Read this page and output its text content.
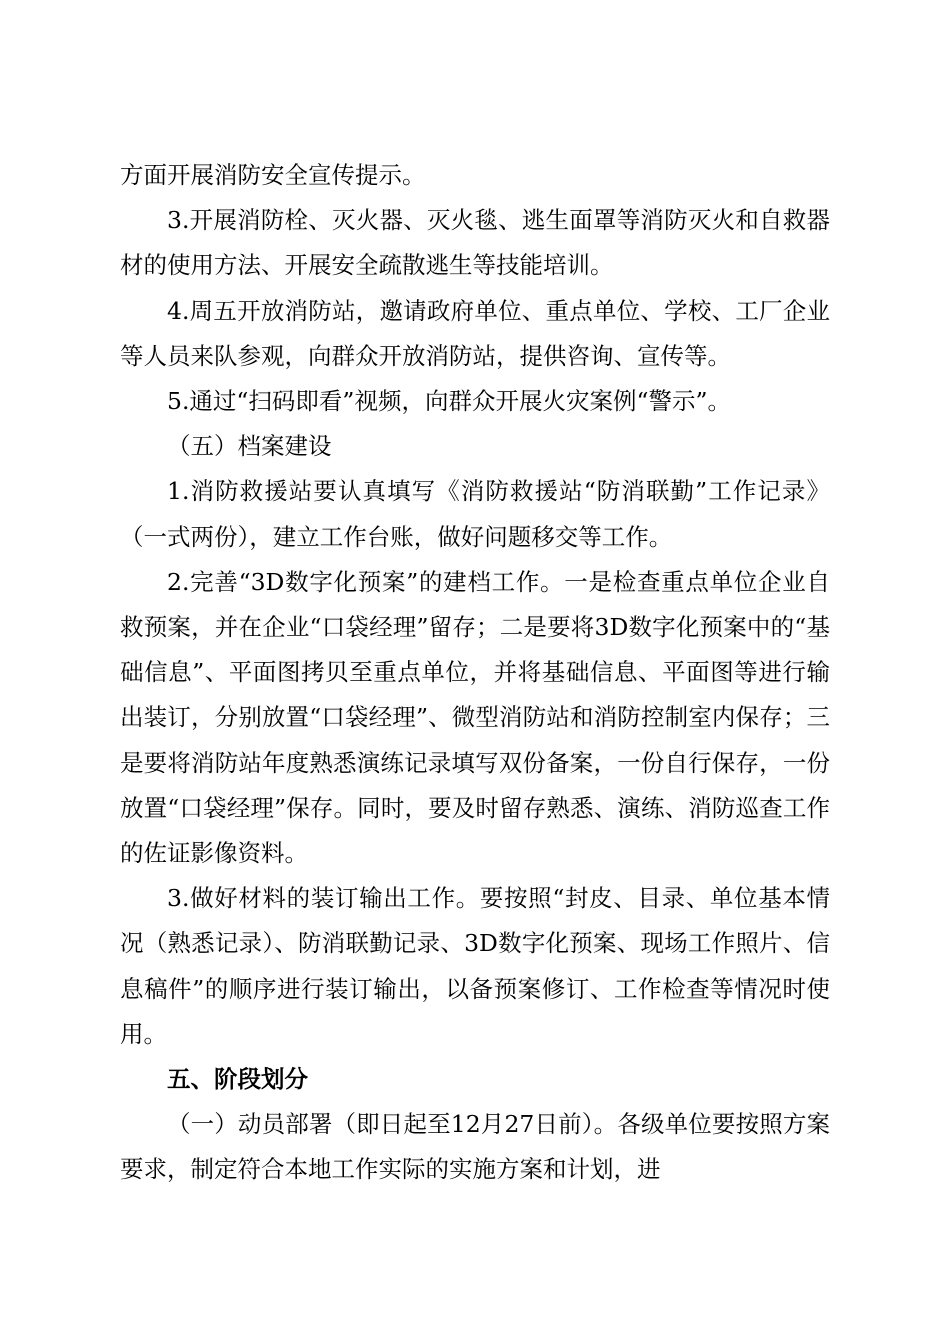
方面开展消防安全宣传提示。

3.开展消防栓、灭火器、灭火毯、逃生面罩等消防灭火和自救器材的使用方法、开展安全疏散逃生等技能培训。

4.周五开放消防站，邀请政府单位、重点单位、学校、工厂企业等人员来队参观，向群众开放消防站，提供咨询、宣传等。

5.通过“扫码即看”视频，向群众开展火灾案例“警示”。

（五）档案建设

1.消防救援站要认真填写《消防救援站“防消联勤”工作记录》（一式两份），建立工作台账，做好问题移交等工作。

2.完善“3D数字化预案”的建档工作。一是检查重点单位企业自救预案，并在企业“口袋经理”留存；二是要将3D数字化预案中的“基础信息”、平面图拷贝至重点单位，并将基础信息、平面图等进行输出装订，分别放置“口袋经理”、微型消防站和消防控制室内保存；三是要将消防站年度熟悉演练记录填写双份备案，一份自行保存，一份放置“口袋经理”保存。同时，要及时留存熟悉、演练、消防巡查工作的佐证影像资料。

3.做好材料的装订输出工作。要按照“封皮、目录、单位基本情况（熟悉记录）、防消联勤记录、3D数字化预案、现场工作照片、信息稿件”的顺序进行装订输出，以备预案修订、工作检查等情况时使用。

五、阶段划分

（一）动员部署（即日起至12月27日前）。各级单位要按照方案要求，制定符合本地工作实际的实施方案和计划，进
